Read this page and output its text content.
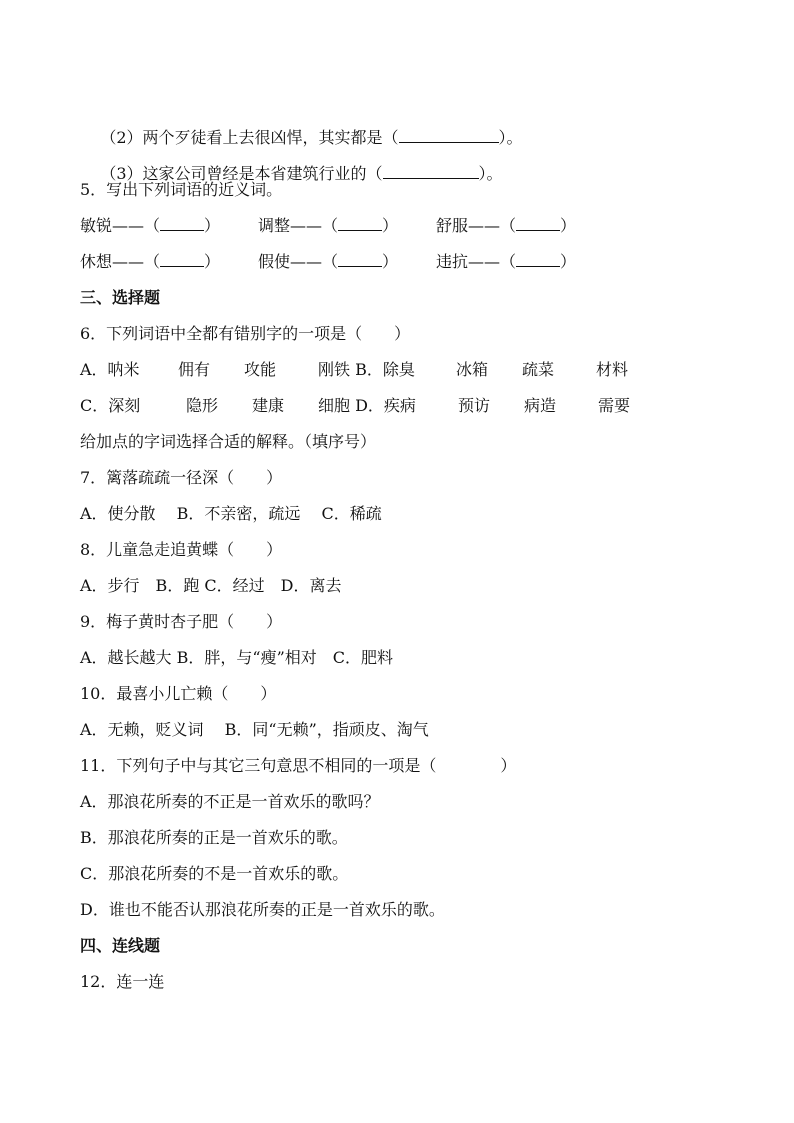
（2）两个歹徒看上去很凶悍，其实都是（	）。

（3）这家公司曾经是本省建筑行业的（	）。

5．写出下列词语的近义词。
敏锐——（	） 调整——（	） 舒服——（	）
休想——（	） 假使——（	） 违抗——（	）
三、选择题
6．下列词语中全都有错别字的一项是（　　）
A．呐米 佣有 攻能	刚铁 B．除臭	冰箱 疏菜	材料
C．深刻	隐形 建康 细胞 D．疾病	预访 病造	需要
给加点的字词选择合适的解释。（填序号）
7．篱落疏疏一径深（　　）
A．使分散　 B．不亲密，疏远　 C．稀疏
8．儿童急走追黄蝶（　　）
A．步行　B．跑 C．经过　D．离去
9．梅子黄时杏子肥（　　）
A．越长越大 B．胖，与“瘦”相对　C．肥料
10．最喜小儿亡赖（　　）
A．无赖，贬义词　 B．同“无赖”，指顽皮、淘气
11．下列句子中与其它三句意思不相同的一项是（　　　　）
A．那浪花所奏的不正是一首欢乐的歌吗？
B．那浪花所奏的正是一首欢乐的歌。
C．那浪花所奏的不是一首欢乐的歌。
D．谁也不能否认那浪花所奏的正是一首欢乐的歌。
四、连线题
12．连一连
